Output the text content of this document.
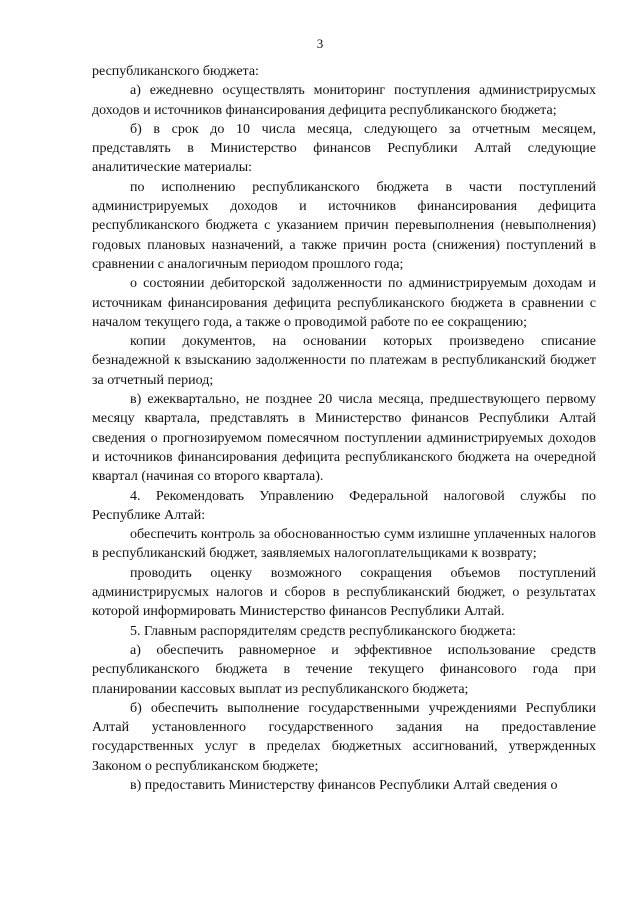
3

республиканского бюджета:

а) ежедневно осуществлять мониторинг поступления администрирусмых доходов и источников финансирования дефицита республиканского бюджета;

б) в срок до 10 числа месяца, следующего за отчетным месяцем, представлять в Министерство финансов Республики Алтай следующие аналитические материалы:

по исполнению республиканского бюджета в части поступлений администрируемых доходов и источников финансирования дефицита республиканского бюджета с указанием причин перевыполнения (невыполнения) годовых плановых назначений, а также причин роста (снижения) поступлений в сравнении с аналогичным периодом прошлого года;

о состоянии дебиторской задолженности по администрируемым доходам и источникам финансирования дефицита республиканского бюджета в сравнении с началом текущего года, а также о проводимой работе по ее сокращению;

копии документов, на основании которых произведено списание безнадежной к взысканию задолженности по платежам в республиканский бюджет за отчетный период;

в) ежеквартально, не позднее 20 числа месяца, предшествующего первому месяцу квартала, представлять в Министерство финансов Республики Алтай сведения о прогнозируемом помесячном поступлении администрируемых доходов и источников финансирования дефицита республиканского бюджета на очередной квартал (начиная со второго квартала).

4. Рекомендовать Управлению Федеральной налоговой службы по Республике Алтай:

обеспечить контроль за обоснованностью сумм излишне уплаченных налогов в республиканский бюджет, заявляемых налогоплательщиками к возврату;

проводить оценку возможного сокращения объемов поступлений администрирусмых налогов и сборов в республиканский бюджет, о результатах которой информировать Министерство финансов Республики Алтай.

5. Главным распорядителям средств республиканского бюджета:

а) обеспечить равномерное и эффективное использование средств республиканского бюджета в течение текущего финансового года при планировании кассовых выплат из республиканского бюджета;

б) обеспечить выполнение государственными учреждениями Республики Алтай установленного государственного задания на предоставление государственных услуг в пределах бюджетных ассигнований, утвержденных Законом о республиканском бюджете;

в) предоставить Министерству финансов Республики Алтай сведения о
